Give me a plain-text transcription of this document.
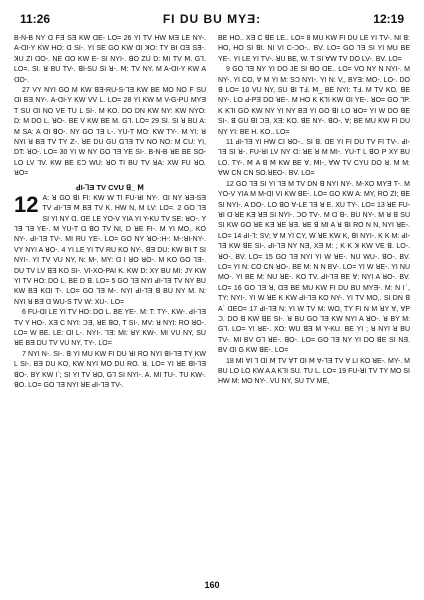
11:26	FI DU BU MYƎ:	12:19

B-N-B NY ꓷ FƎ SƎ KW ꓷE- LO= 26 YI TV HW MƎ LE NY-. A-ꓷI-Y KW HO: ꓷ SI-. YI SE GO KW ꓷI ꓘO: TY BI ꓷƎ SƎ-. ꓘU ZI ꓷO-. NE ꓷO KW E- SI NYI-. ꓭO ZU D: MI TV ꓟ. Gꓶ. LO=. SI. ꓤ BU TV-. ꓭI-SU SI ꓤ-. ꓟ: TV NY. M A-ꓷI-Y KW A ꓷO-.

27 VY NYI GO M KW ꓭƎ-RU-S-ꓶƎ KW BE MO NO F SU ꓷI BƎ NY-. A-ꓷI-Y KW VV L. LO= 28 YI KW M V-G-PU MYƎ T SU ꓷI NO VE TU L SI-. M KO. DO DN KW NY: KW NYO: D: M DO L. ꓤO-. BE V KW BE M. Gꓶ. LO= 29 SI. SI ꓤ BU A: M SA: A ꓷI ꓭO-. NY GO ꓶƎ L-. YU-T MO: KW TY-. M YI: ꓤ NYI ꓤ BƎ TV TY ꓜ-. ꓤE DU GU GꓶƎ TV NO NO: M CU: YI, DT: ꓤO-. LO= 30 YI W NY GO ꓶƎ YE SI-. B-N-B ꓤE BE SO-LO LV ꓶV. KW BE ƐƆ WU: ꓤO TI BU TV ꓤA: XW FU ꓤO. ꓤO=

ꓒI-ꓶƎ TV CVU ꓭ_ ꓟ

12 A: ꓤ GO ꓭI FI: KW W TI FU-ꓤI NY-. ꓷI NY ꓤƎ-SƎ TV ꓒI-ꓶƎ ꓟ BƎ TV K. HW N, M LV: LO=. 2 GO ꓶƎ SI YI NY ꓷ. ꓷE LE YO-V YIA YI Y-KU TV SE: ꓤO-. ꓬ ꓶƎ ꓶƎ YE-. M YU-T ꓷ ꓭO TV NI, ꓓ ꓤE FI-. M YI MO,. KO NY-. ꓒI-ꓶƎ TV-. MI RU YE-. LO= GO NY ꓤO-:H-: M-:ꓤI-NY-. VY NYI A ꓤO-. 4 YI LE YI TV RU KO NY-. ꓭƎ DU: KW BI T SI NYI-. YI TV VU NY, N: M-. MY: ꓷ I ꓤO ꓤO-. M KO GO ꓶƎ-. DU TV LV ꓭƎ KO SI-. VI-XO-PAI K. KW ꓓ: XY BU MI: JY KW YI TV HO: DO L. BE ꓓ ꓭ. LO= 5 GO ꓶƎ NYI ꓒI-ꓶƎ TV NY BU KW BƎ KꓷI T-. LO= GO ꓶƎ M-. NYI ꓒI-ꓶƎ ꓭ BU NY M. N: NYI ꓤ BƎ ꓷ WU-S TV W: XU-. LO=

6 FU-ꓷI LE YI TV HO: DO L. BE YE-. M: T: TY-. KW-. ꓒI-ꓶƎ TV Y HO-. XƎ C NYI: ꓛƎ, ꓤE ꓭO, T SI-. MV: ꓤ NYI: RO ꓤO-. LO= W BE. LE: ꓷI L-. NYI-. ꓶƎ: MI: ꓤY KW-. MI VU NY, SU ꓤE BƎ DU TV VU NY, TY-. LO=

7 NYI N-. SI-. ꓭ YI MU KW FI DU ꓤI RO NYI ꓭI-ꓶƎ TY KW L SI-. BƎ DU KO, KW NYI MO DU RO. ꓤ. LO= YI ꓤE ꓭI-ꓶƎ ꓭO-. BY KW I`; SI YI TV ꓤO, Gꓶ SI NYI-. A. MI TU-. TU KW-. ꓭO. LO= GO ꓶƎ NYI ꓤE ꓒI-ꓶƎ TV-.

BE HO.. XƎ C ꓭE LE.. LO= 8 MU KW FI DU LE YI TV-. NI ꓭ: HO, HO SI ꓭI. NI VI C-ꓛO-.. BV. LO= GO ꓶƎ SI YI MU BE YE-. YI LE YI TV-. ꓤU BE, W. T SI ꓯW TV DO LV-. BV. LO=

9 GO ꓶƎ NY YI DO JE SI ꓭO ꓷE.. LO= VO NY N NYI-. M NY-. YI CO, ꓯ M YI M: SƆ NYI-. YI N: V,, BYƎ: MO-. LO-. DO ꓭ LO= 10 VU NY, SU ꓭI Tꓞ. ꓟ_ BE NYI: Tꓞ. M TV KO. ꓭE NY-. LO ꓒ-PƎ DO ꓤE-. M HO K KꓶI KW ꓷI YE-. ꓤO= GO ꓶP. K KꓶI GO KW NY YI NY BƎ YI GO ꓭI LO ꓤO= YI W DO ꓭE SI-. ꓭ GU ꓭI ꓛƎ, XƎ: KO. ꓭE NY-. ꓭO-. ꓯ; BE MU KW FI DU NY YI: BE H. KO.. LO=

11 ꓒI-ꓶƎ YI HW CI ꓤO-.. SI ꓭ. ꓷE YI FI DU TV FI TV-. ꓒI-ꓶƎ SI ꓤ-. FU-ꓤI LV NY ꓷ: ꓤE ꓤ M MI-. YU-T L ꓭO P XY BU LO. TY-. ꓟ A ꓭ ꓟ KW BE ꓯ. ꓟI-, ꓯW TV CYU DO ꓤ. M M: ꓯW CN CN SO.ꓤEO-. BV. LO=

12 GO ꓶƎ SI YI ꓶƎ M TV DN ꓭ NYI NY-. M-XO MYƎ T-. M YO-V YIA M M-ꓷI VI KW ꓭE-. LO= GO KW A: MY, RO ZI; ꓭE SI NYI-. A ꓓO-. LO ꓭO ꓯ-LE ꓶƎ ꓤ E. XU TY-. LO= 13 ꓤE FU-ꓤI ꓷ ꓤE KƎ ꓤƎ SI NYI-. ꓛO TV-. M ꓷ ꓭ-. BU NY-. M ꓤ ꓭ SU SI KW GO ꓤE KƎ ꓤE ꓤƎ. ꓤE ꓭ MI A ꓤ ꓭI RO N N, NYI ꓤE-. LO= 14 ꓒI-ꓶ: SV; ꓯ M YI CY, W ꓤE KW K, ꓭI NYI-. K K M: ꓒI-ꓶƎ KW ꓭE SI-. ꓒI-ꓶƎ NY NƎ, XƎ M: ; K K ꓘ KW VE ꓭ. LO-. ꓤO-. BV. LO= 15 GO ꓶƎ NYI YI W ꓤE-. NU WU-. ꓭO-. BV. LO= YI N: CO CN ꓤO-. BE M: N N BV-. LO= YI W ꓤE-. YI NU MO-. YI BE M: NU ꓤE-. KO TV. ꓒI-ꓶƎ BE ꓯ: NYI A ꓤO-. BV. LO= 16 GO ꓶƎ ꓤ, ꓷƎ BE MU KW FI DU BU MYƎ-. M: N Iˋ, TY: NYI-. YI W ꓤE K KW ꓒI-ꓶƎ KO NY-. YI TV MO,. SI DN ꓭ A` ꓷEO= 17 ꓒI-ꓶƎ N: YI W TV M: WO, TY FI N M ꓤY ꓯ, ꓯP ꓛ. DO ꓭ KW ꓭE SI-. ꓤ BU GO ꓶƎ KW NYI A ꓤO-. ꓤ BY M: Gꓶ. LO= YI ꓤE-. XO: WU ꓭƎ M Y-KU. BE YI ; ꓤ NYI ꓤ BU TV-. MI BV Gꓶ ꓤE-. ꓭO-. LO= GO ꓶƎ NY YI DO ꓭE SI NƎ. BV ꓷI G KW ꓭE-. LO=

18 MI ꓯI ꓶ ꓷI ꓟ TV ꓯT ꓷI ꓟ ꓯ-ꓶƎ TV ꓯ LI KO ꓤE-. MY-. M BU LO LO KW A A KꓶI SU. TU L. LO= 19 FU-ꓤI TV TY MO SI HW M: MO NY-. VU NY, SU TV ME,

160
